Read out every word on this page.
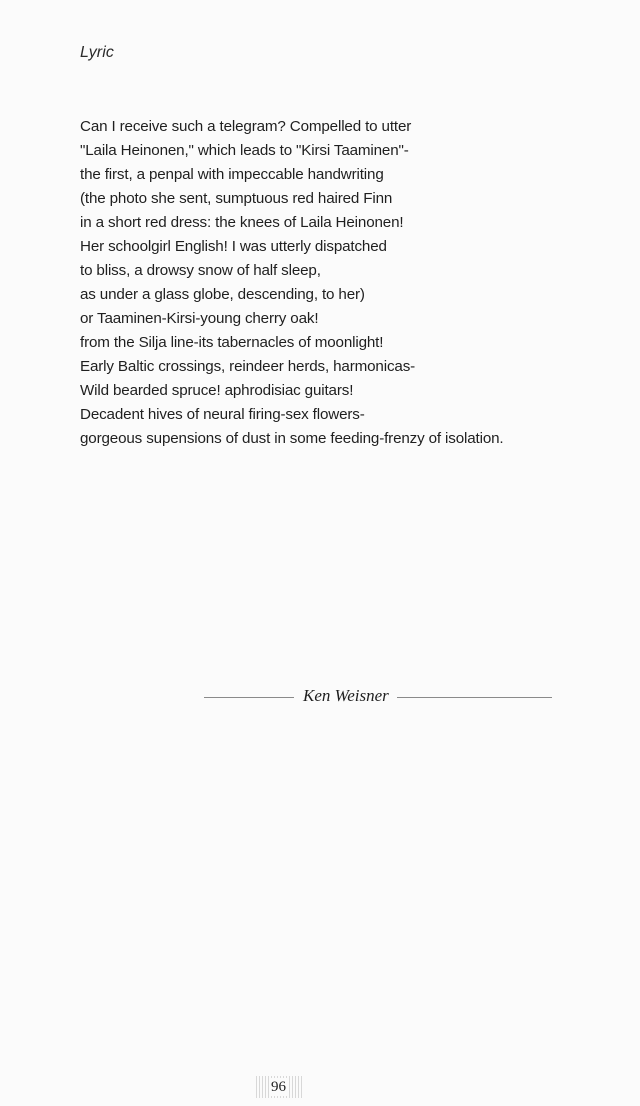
Lyric
Can I receive such a telegram? Compelled to utter
"Laila Heinonen," which leads to "Kirsi Taaminen"-
the first, a penpal with impeccable handwriting
(the photo she sent, sumptuous red haired Finn
in a short red dress: the knees of Laila Heinonen!
Her schoolgirl English! I was utterly dispatched
to bliss, a drowsy snow of half sleep,
as under a glass globe, descending, to her)
or Taaminen-Kirsi-young cherry oak!
from the Silja line-its tabernacles of moonlight!
Early Baltic crossings, reindeer herds, harmonicas-
Wild bearded spruce! aphrodisiac guitars!
Decadent hives of neural firing-sex flowers-
gorgeous supensions of dust in some feeding-frenzy of isolation.
Ken Weisner
96
